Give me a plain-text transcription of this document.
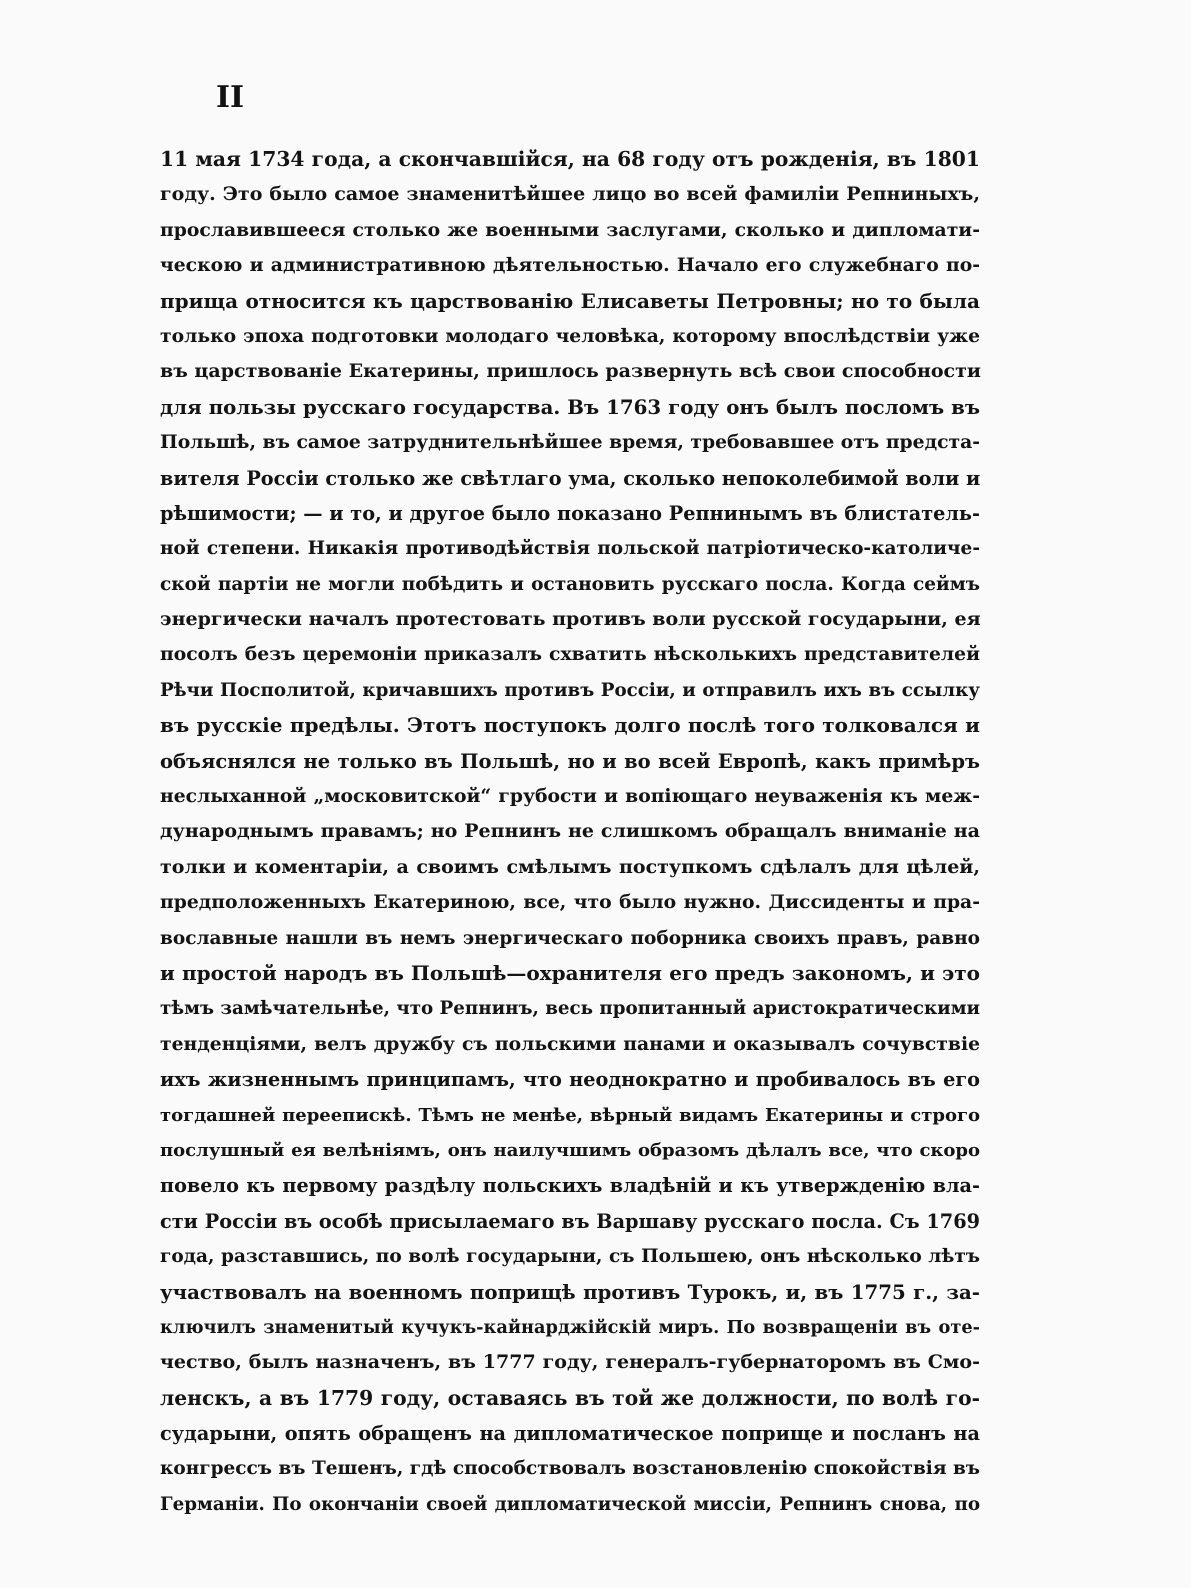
II
11 мая 1734 года, а скончавшійся, на 68 году отъ рожденія, въ 1801
году. Это было самое знаменитѣйшее лицо во всей фамиліи Репниныхъ,
прославившееся столько же военными заслугами, сколько и дипломати-
ческою и административною дѣятельностью. Начало его служебнаго по-
прища относится къ царствованію Елисаветы Петровны; но то была
только эпоха подготовки молодаго человѣка, которому впослѣдствіи уже
въ царствованіе Екатерины, пришлось развернуть всѣ свои способности
для пользы русскаго государства. Въ 1763 году онъ былъ посломъ въ
Польшѣ, въ самое затруднительнѣйшее время, требовавшее отъ предста-
вителя Россіи столько же свѣтлаго ума, сколько непоколебимой воли и
рѣшимости; — и то, и другое было показано Репнинымъ въ блистатель-
ной степени. Никакія противодѣйствія польской патріотическо-католиче-
ской партіи не могли побѣдить и остановить русскаго посла. Когда сеймъ
энергически началъ протестовать противъ воли русской государыни, ея
посолъ безъ церемоніи приказалъ схватить нѣсколькихъ представителей
Рѣчи Посполитой, кричавшихъ противъ Россіи, и отправилъ ихъ въ ссылку
въ русскіе предѣлы. Этотъ поступокъ долго послѣ того толковался и
объяснялся не только въ Польшѣ, но и во всей Европѣ, какъ примѣръ
неслыханной „московитской“ грубости и вопіющаго неуваженія къ меж-
дународнымъ правамъ; но Репнинъ не слишкомъ обращалъ вниманіе на
толки и коментаріи, а своимъ смѣлымъ поступкомъ сдѣлалъ для цѣлей,
предположенныхъ Екатериною, все, что было нужно. Диссиденты и пра-
вославные нашли въ немъ энергическаго поборника своихъ правъ, равно
и простой народъ въ Польшѣ—охранителя его предъ закономъ, и это
тѣмъ замѣчательнѣе, что Репнинъ, весь пропитанный аристократическими
тенденціями, велъ дружбу съ польскими панами и оказывалъ сочувствіе
ихъ жизненнымъ принципамъ, что неоднократно и пробивалось въ его
тогдашней переепискѣ. Тѣмъ не менѣе, вѣрный видамъ Екатерины и строго
послушный ея велѣніямъ, онъ наилучшимъ образомъ дѣлалъ все, что скоро
повело къ первому раздѣлу польскихъ владѣній и къ утвержденію вла-
сти Россіи въ особѣ присылаемаго въ Варшаву русскаго посла. Съ 1769
года, разставшись, по волѣ государыни, съ Польшею, онъ нѣсколько лѣтъ
участвовалъ на военномъ поприщѣ противъ Турокъ, и, въ 1775 г., за-
ключилъ знаменитый кучукъ-кайнарджійскій миръ. По возвращеніи въ оте-
чество, былъ назначенъ, въ 1777 году, генералъ-губернаторомъ въ Смо-
ленскъ, а въ 1779 году, оставаясь въ той же должности, по волѣ го-
сударыни, опять обращенъ на дипломатическое поприще и посланъ на
конгрессъ въ Тешенъ, гдѣ способствовалъ возстановленію спокойствія въ
Германіи. По окончаніи своей дипломатической миссіи, Репнинъ снова, по
